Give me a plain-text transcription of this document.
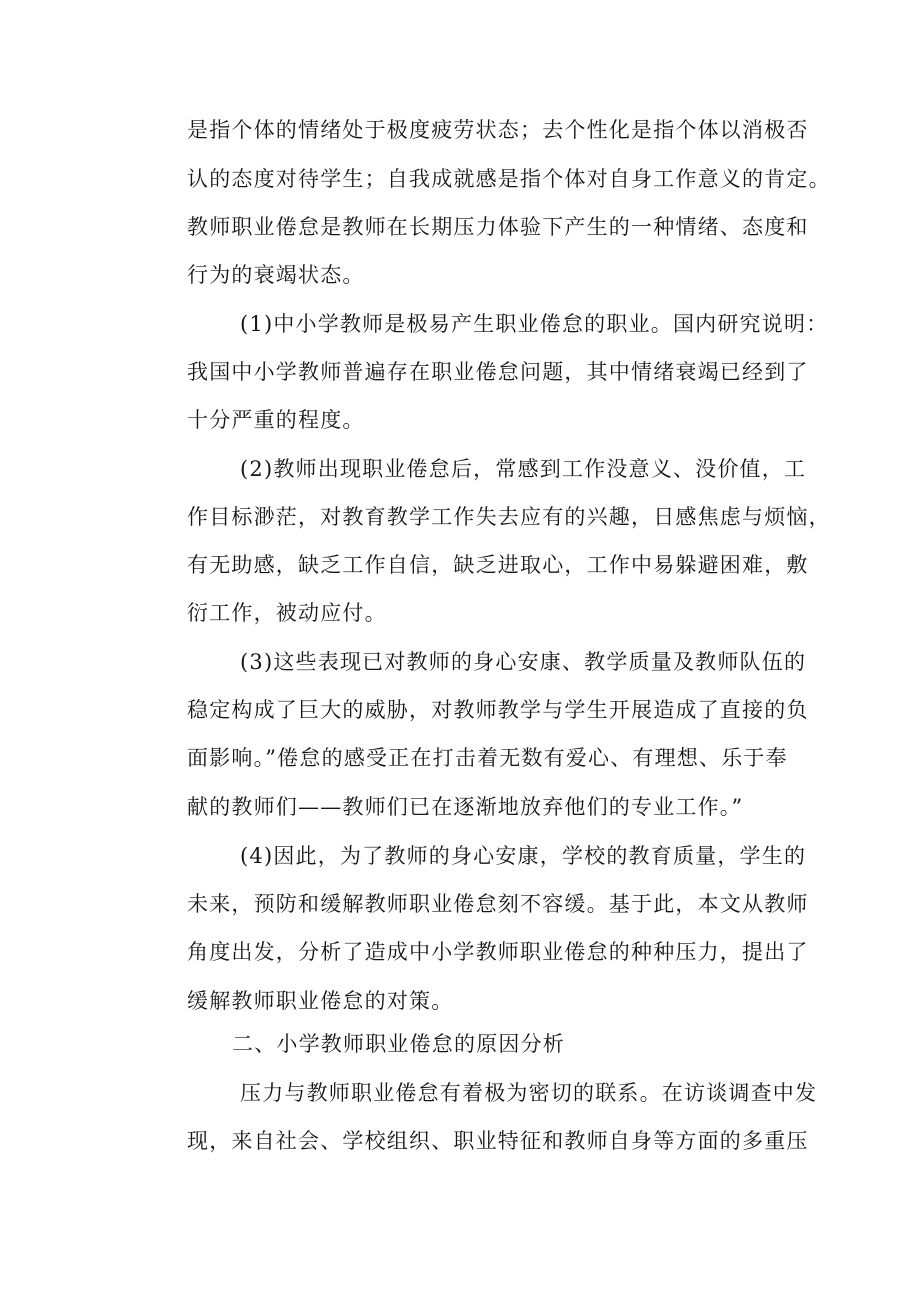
是指个体的情绪处于极度疲劳状态；去个性化是指个体以消极否
认的态度对待学生；自我成就感是指个体对自身工作意义的肯定。
教师职业倦怠是教师在长期压力体验下产生的一种情绪、态度和
行为的衰竭状态。
(1)中小学教师是极易产生职业倦怠的职业。国内研究说明：
我国中小学教师普遍存在职业倦怠问题，其中情绪衰竭已经到了
十分严重的程度。
(2)教师出现职业倦怠后，常感到工作没意义、没价值，工
作目标渺茫，对教育教学工作失去应有的兴趣，日感焦虑与烦恼，
有无助感，缺乏工作自信，缺乏进取心，工作中易躲避困难，敷
衍工作，被动应付。
(3)这些表现已对教师的身心安康、教学质量及教师队伍的
稳定构成了巨大的威胁，对教师教学与学生开展造成了直接的负
面影响。”倦怠的感受正在打击着无数有爱心、有理想、乐于奉
献的教师们——教师们已在逐渐地放弃他们的专业工作。”
(4)因此，为了教师的身心安康，学校的教育质量，学生的
未来，预防和缓解教师职业倦怠刻不容缓。基于此，本文从教师
角度出发，分析了造成中小学教师职业倦怠的种种压力，提出了
缓解教师职业倦怠的对策。
二、小学教师职业倦怠的原因分析
压力与教师职业倦怠有着极为密切的联系。在访谈调查中发
现，来自社会、学校组织、职业特征和教师自身等方面的多重压
